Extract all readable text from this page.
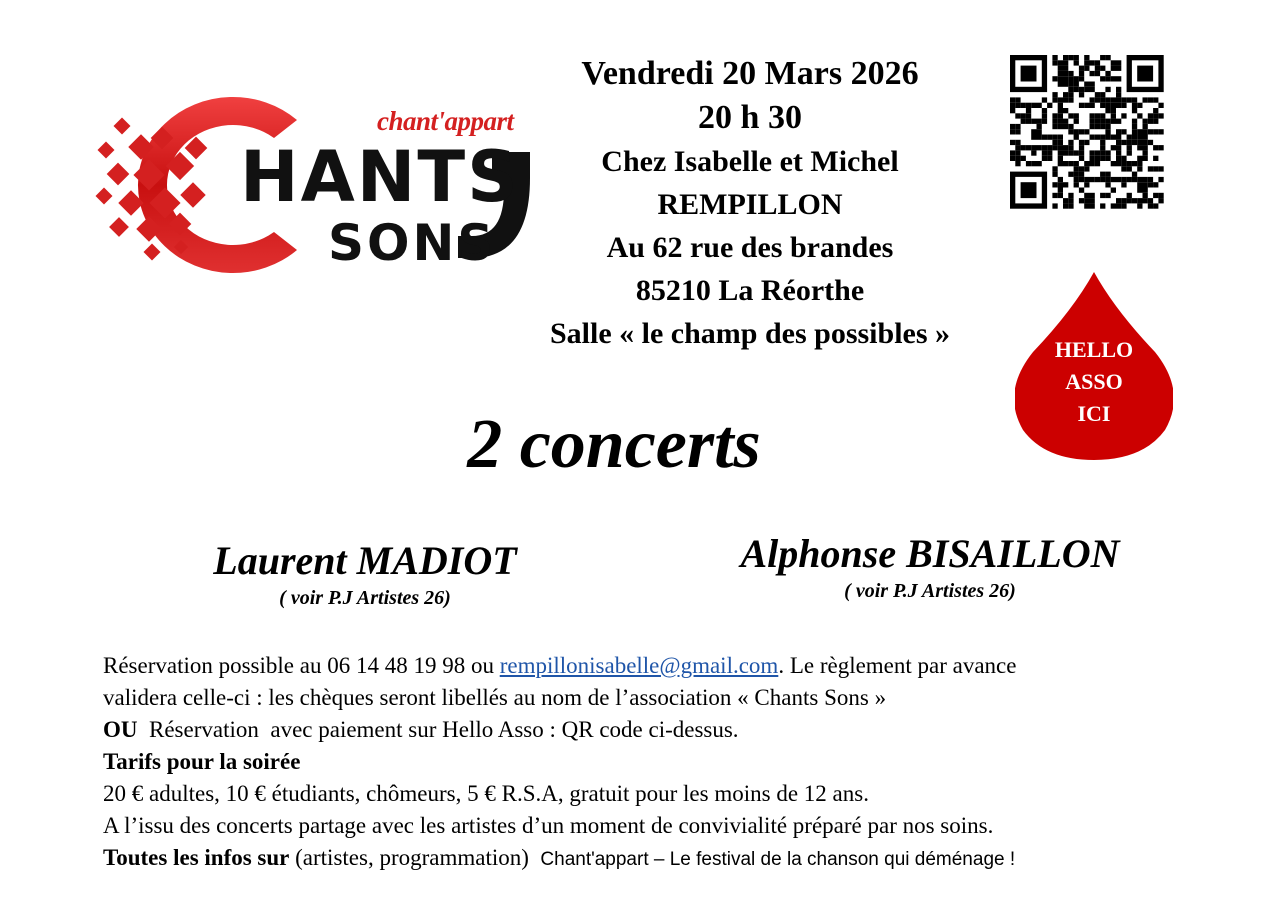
chant'appart
HANTS
SONS
Vendredi 20 Mars 2026
20 h 30
Chez Isabelle et Michel
REMPILLON
Au 62 rue des brandes
85210 La Réorthe
Salle « le champ des possibles »	HELLO
ASSO
ICI
2 concerts
Laurent MADIOT
( voir P.J Artistes 26)
Alphonse BISAILLON
( voir P.J Artistes 26)

Réservation possible au 06 14 48 19 98 ou rempillonisabelle@gmail.com. Le règlement par avance

validera celle-ci : les chèques seront libellés au nom de l’association « Chants Sons »

OU  Réservation  avec paiement sur Hello Asso : QR code ci-dessus.

Tarifs pour la soirée

20 € adultes, 10 € étudiants, chômeurs, 5 € R.S.A, gratuit pour les moins de 12 ans.

A l’issu des concerts partage avec les artistes d’un moment de convivialité préparé par nos soins.

Toutes les infos sur (artistes, programmation)  Chant'appart – Le festival de la chanson qui déménage !
